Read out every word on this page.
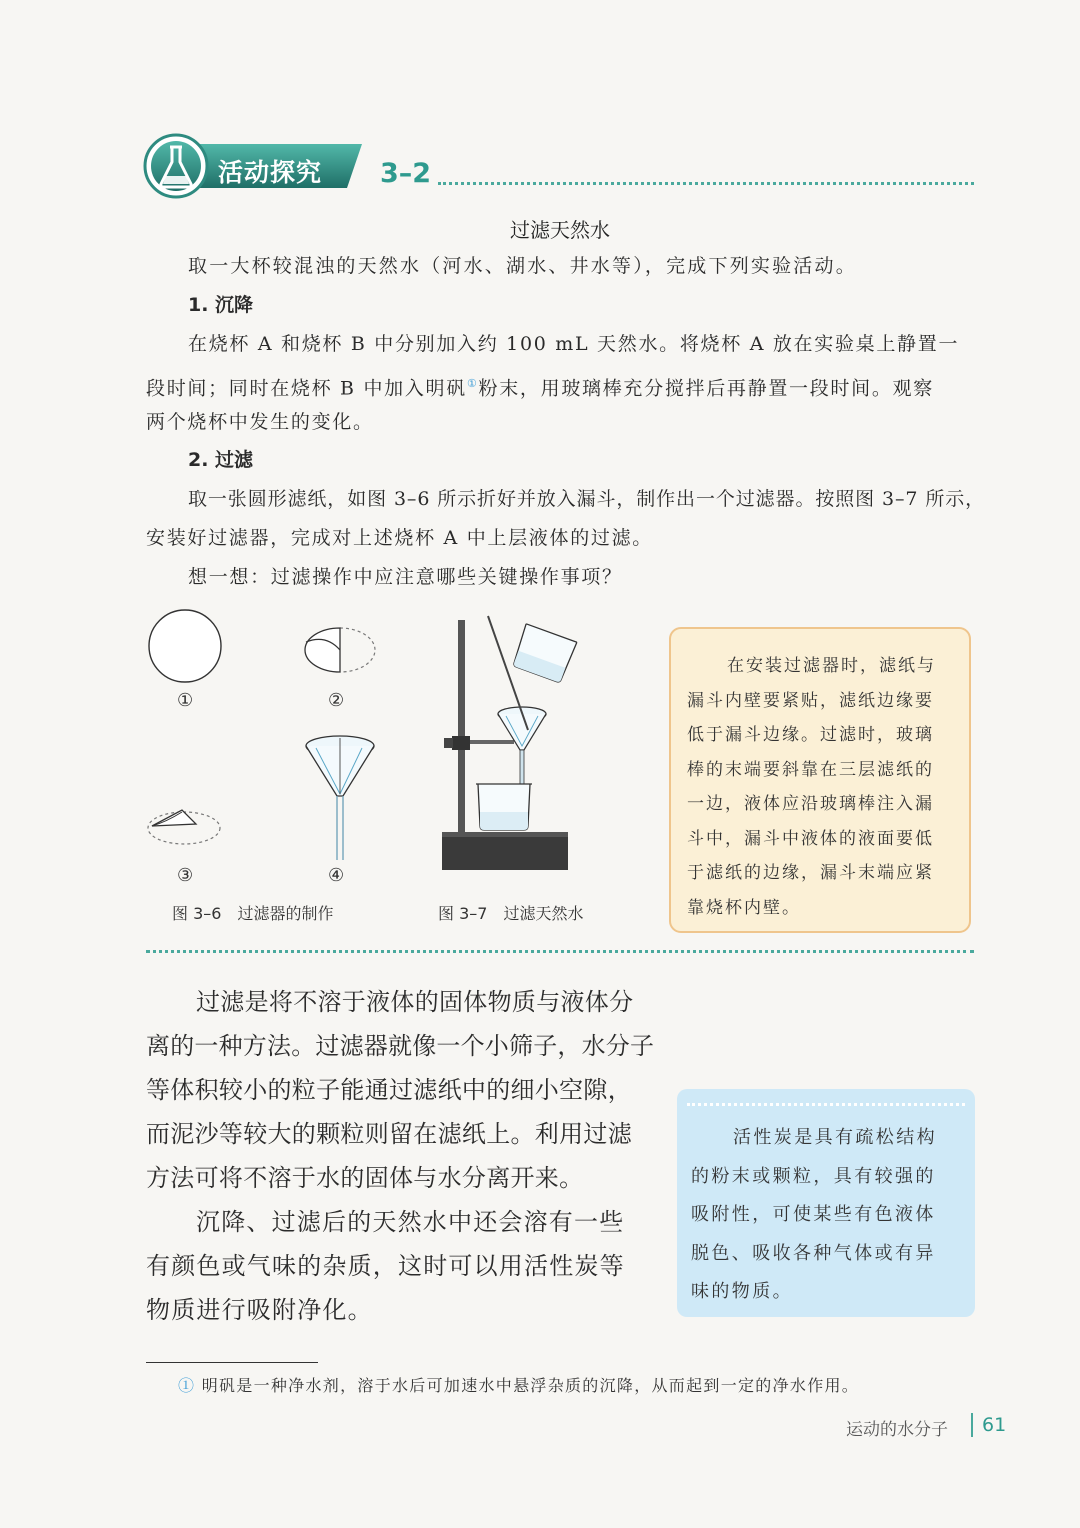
活动探究 3–2
过滤天然水
取一大杯较混浊的天然水（河水、湖水、井水等），完成下列实验活动。
1. 沉降
在烧杯 A 和烧杯 B 中分别加入约 100 mL 天然水。将烧杯 A 放在实验桌上静置一
段时间；同时在烧杯 B 中加入明矾①粉末，用玻璃棒充分搅拌后再静置一段时间。观察
两个烧杯中发生的变化。
2. 过滤
取一张圆形滤纸，如图 3–6 所示折好并放入漏斗，制作出一个过滤器。按照图 3–7 所示，
安装好过滤器，完成对上述烧杯 A 中上层液体的过滤。
想一想：过滤操作中应注意哪些关键操作事项？
①	②
③	④
图 3–6　过滤器的制作	图 3–7　过滤天然水
在安装过滤器时，滤纸与
漏斗内壁要紧贴，滤纸边缘要
低于漏斗边缘。过滤时，玻璃
棒的末端要斜靠在三层滤纸的
一边，液体应沿玻璃棒注入漏
斗中，漏斗中液体的液面要低
于滤纸的边缘，漏斗末端应紧
靠烧杯内壁。
过滤是将不溶于液体的固体物质与液体分
离的一种方法。过滤器就像一个小筛子，水分子
等体积较小的粒子能通过滤纸中的细小空隙，
而泥沙等较大的颗粒则留在滤纸上。利用过滤
方法可将不溶于水的固体与水分离开来。
沉降、过滤后的天然水中还会溶有一些
有颜色或气味的杂质，这时可以用活性炭等
物质进行吸附净化。
活性炭是具有疏松结构
的粉末或颗粒，具有较强的
吸附性，可使某些有色液体
脱色、吸收各种气体或有异
味的物质。
① 明矾是一种净水剂，溶于水后可加速水中悬浮杂质的沉降，从而起到一定的净水作用。
运动的水分子 61
